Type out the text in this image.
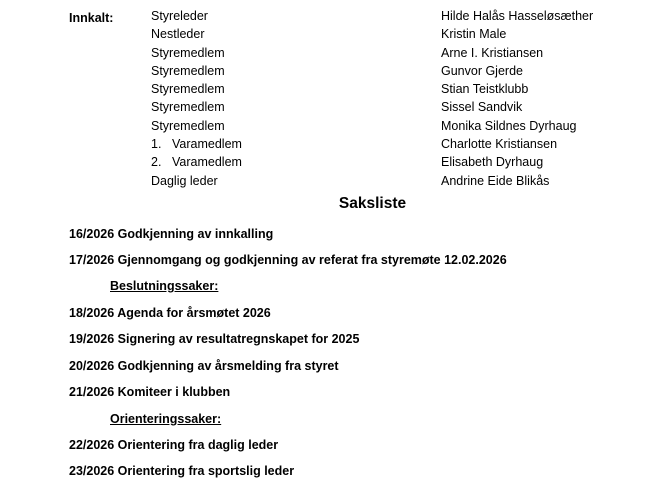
Innkalt:	Styreleder	Hilde Halås Hasseløsæther
Nestleder	Kristin Male
Styremedlem	Arne I. Kristiansen
Styremedlem	Gunvor Gjerde
Styremedlem	Stian Teistklubb
Styremedlem	Sissel Sandvik
Styremedlem	Monika Sildnes Dyrhaug
1. Varamedlem	Charlotte Kristiansen
2. Varamedlem	Elisabeth Dyrhaug
Daglig leder	Andrine Eide Blikås
Saksliste
16/2026 Godkjenning av innkalling
17/2026 Gjennomgang og godkjenning av referat fra styremøte 12.02.2026
Beslutningssaker:
18/2026 Agenda for årsmøtet 2026
19/2026 Signering av resultatregnskapet for 2025
20/2026 Godkjenning av årsmelding fra styret
21/2026 Komiteer i klubben
Orienteringssaker:
22/2026 Orientering fra daglig leder
23/2026 Orientering fra sportslig leder
